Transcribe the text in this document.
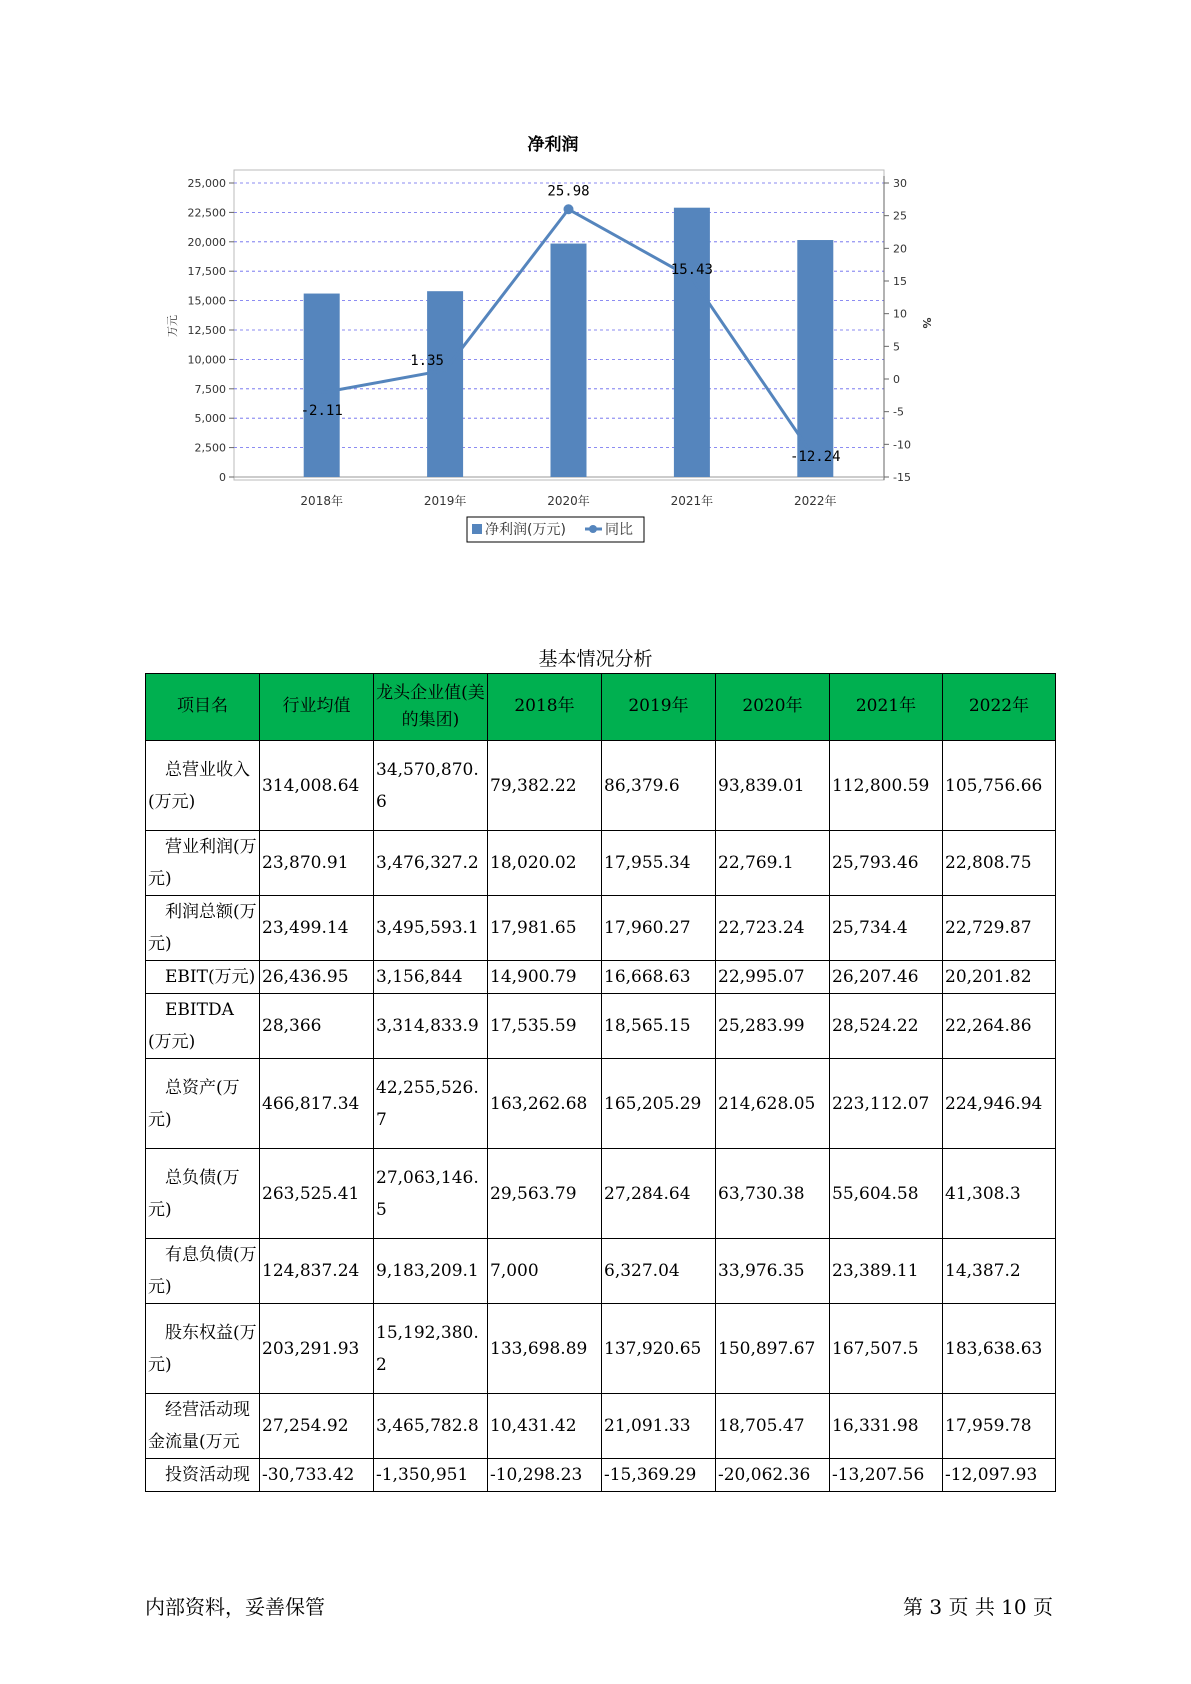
净利润
0
2,500
5,000
7,500
10,000
12,500
15,000
17,500
20,000
22,500
25,000
-15
-10
-5
0
5
10
15
20
25
30
万元	%
2018年	2019年	2020年	2021年	2022年
-2.11
1.35
25.98
15.43
-12.24
净利润(万元)	同比
基本情况分析
项目名	行业均值	龙头企业值(美的集团)	2018年	2019年	2020年	2021年	2022年
总营业收入(万元)	314,008.64	34,570,870.6	79,382.22	86,379.6	93,839.01	112,800.59	105,756.66
营业利润(万元)	23,870.91	3,476,327.2	18,020.02	17,955.34	22,769.1	25,793.46	22,808.75
利润总额(万元)	23,499.14	3,495,593.1	17,981.65	17,960.27	22,723.24	25,734.4	22,729.87
EBIT(万元)	26,436.95	3,156,844	14,900.79	16,668.63	22,995.07	26,207.46	20,201.82
EBITDA(万元)	28,366	3,314,833.9	17,535.59	18,565.15	25,283.99	28,524.22	22,264.86
总资产(万元)	466,817.34	42,255,526.7	163,262.68	165,205.29	214,628.05	223,112.07	224,946.94
总负债(万元)	263,525.41	27,063,146.5	29,563.79	27,284.64	63,730.38	55,604.58	41,308.3
有息负债(万元)	124,837.24	9,183,209.1	7,000	6,327.04	33,976.35	23,389.11	14,387.2
股东权益(万元)	203,291.93	15,192,380.2	133,698.89	137,920.65	150,897.67	167,507.5	183,638.63
经营活动现金流量(万元	27,254.92	3,465,782.8	10,431.42	21,091.33	18,705.47	16,331.98	17,959.78
投资活动现	-30,733.42	-1,350,951	-10,298.23	-15,369.29	-20,062.36	-13,207.56	-12,097.93
内部资料，妥善保管	第 3 页 共 10 页
